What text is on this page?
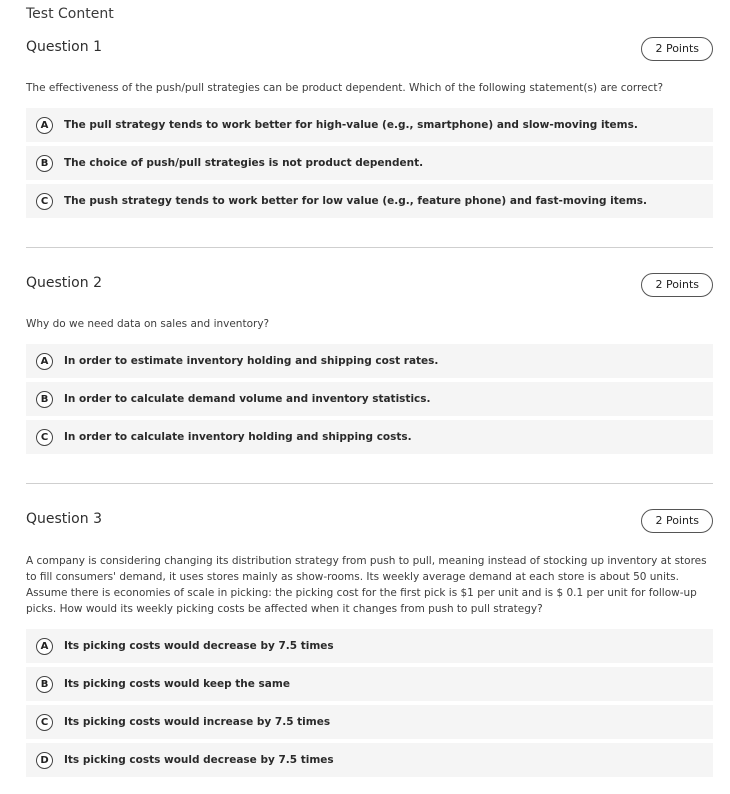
Test Content
Question 1	2 Points

The effectiveness of the push/pull strategies can be product dependent. Which of the following statement(s) are correct?

A	The pull strategy tends to work better for high-value (e.g., smartphone) and slow-moving items.
B	The choice of push/pull strategies is not product dependent.
C	The push strategy tends to work better for low value (e.g., feature phone) and fast-moving items.
Question 2	2 Points

Why do we need data on sales and inventory?

A	In order to estimate inventory holding and shipping cost rates.
B	In order to calculate demand volume and inventory statistics.
C	In order to calculate inventory holding and shipping costs.
Question 3	2 Points

A company is considering changing its distribution strategy from push to pull, meaning instead of stocking up inventory at stores to fill consumers' demand, it uses stores mainly as show-rooms. Its weekly average demand at each store is about 50 units. Assume there is economies of scale in picking: the picking cost for the first pick is $1 per unit and is $ 0.1 per unit for follow-up picks. How would its weekly picking costs be affected when it changes from push to pull strategy?

A	Its picking costs would decrease by 7.5 times
B	Its picking costs would keep the same
C	Its picking costs would increase by 7.5 times
D	Its picking costs would decrease by 7.5 times
